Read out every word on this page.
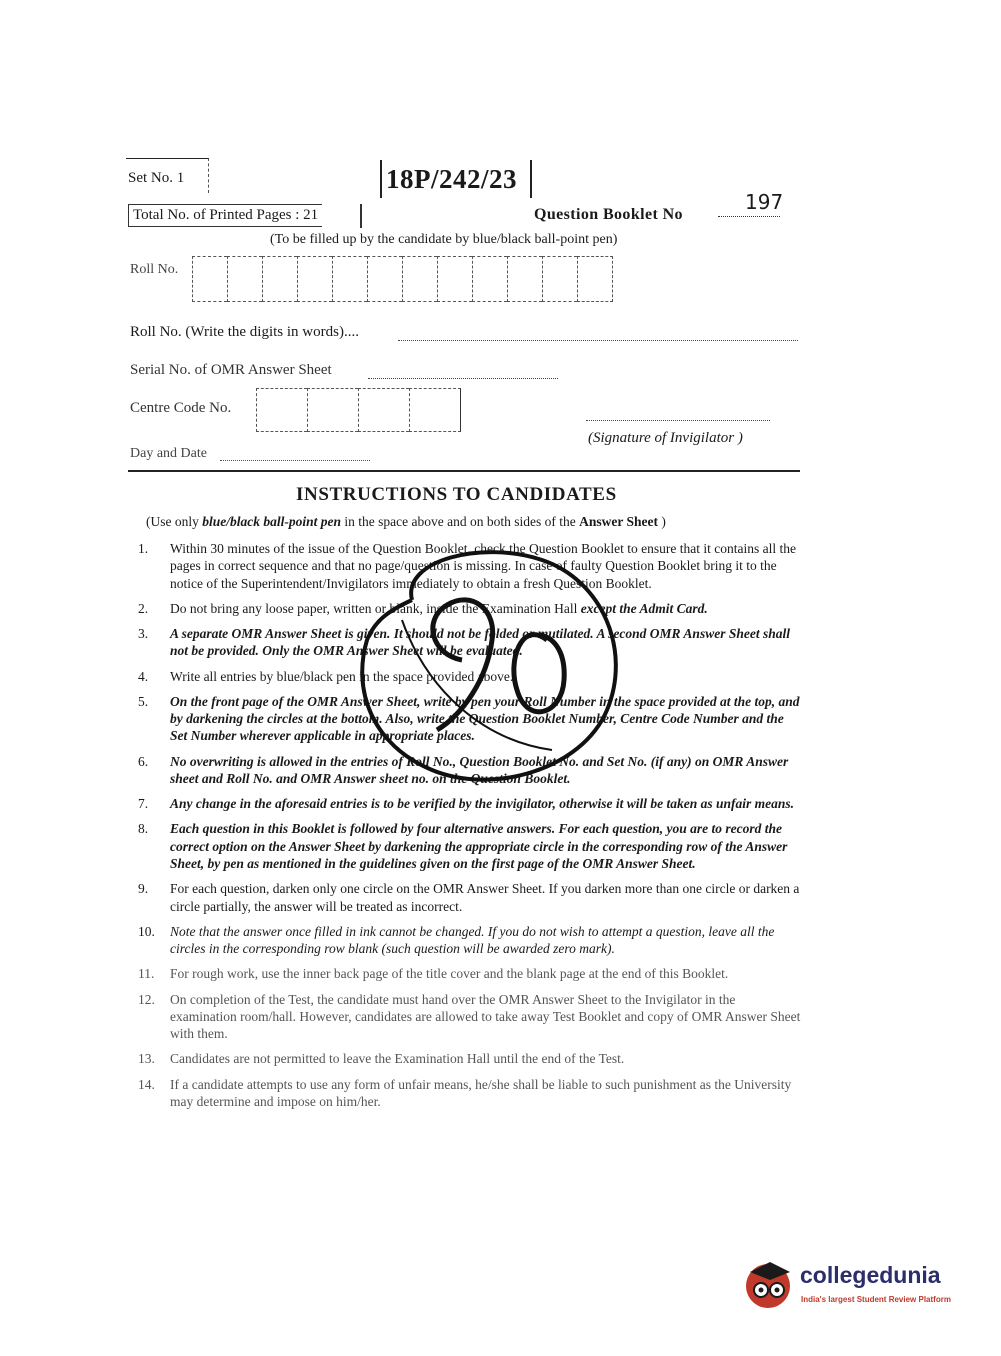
Set No. 1	18P/242/23
Total No. of Printed Pages : 21	Question Booklet No
197
(To be filled up by the candidate by blue/black ball-point pen)
Roll No.
Roll No. (Write the digits in words)....
Serial No. of OMR Answer Sheet
Centre Code No.
(Signature of Invigilator )
Day and Date
INSTRUCTIONS TO CANDIDATES
(Use only blue/black ball-point pen in the space above and on both sides of the Answer Sheet )
1.	Within 30 minutes of the issue of the Question Booklet, check the Question Booklet to ensure that it contains all the pages in correct sequence and that no page/question is missing. In case of faulty Question Booklet bring it to the notice of the Superintendent/Invigilators immediately to obtain a fresh Question Booklet.
2.	Do not bring any loose paper, written or blank, inside the Examination Hall except the Admit Card.
3.	A separate OMR Answer Sheet is given. It should not be folded or mutilated. A second OMR Answer Sheet shall not be provided. Only the OMR Answer Sheet will be evaluated.
4.	Write all entries by blue/black pen in the space provided above.
5.	On the front page of the OMR Answer Sheet, write by pen your Roll Number in the space provided at the top, and by darkening the circles at the bottom. Also, write the Question Booklet Number, Centre Code Number and the Set Number wherever applicable in appropriate places.
6.	No overwriting is allowed in the entries of Roll No., Question Booklet No. and Set No. (if any) on OMR Answer sheet and Roll No. and OMR Answer sheet no. on the Question Booklet.
7.	Any change in the aforesaid entries is to be verified by the invigilator, otherwise it will be taken as unfair means.
8.	Each question in this Booklet is followed by four alternative answers. For each question, you are to record the correct option on the Answer Sheet by darkening the appropriate circle in the corresponding row of the Answer Sheet, by pen as mentioned in the guidelines given on the first page of the OMR Answer Sheet.
9.	For each question, darken only one circle on the OMR Answer Sheet. If you darken more than one circle or darken a circle partially, the answer will be treated as incorrect.
10.	Note that the answer once filled in ink cannot be changed. If you do not wish to attempt a question, leave all the circles in the corresponding row blank (such question will be awarded zero mark).
11.	For rough work, use the inner back page of the title cover and the blank page at the end of this Booklet.
12.	On completion of the Test, the candidate must hand over the OMR Answer Sheet to the Invigilator in the examination room/hall. However, candidates are allowed to take away Test Booklet and copy of OMR Answer Sheet with them.
13.	Candidates are not permitted to leave the Examination Hall until the end of the Test.
14.	If a candidate attempts to use any form of unfair means, he/she shall be liable to such punishment as the University may determine and impose on him/her.
collegedunia
India's largest Student Review Platform
